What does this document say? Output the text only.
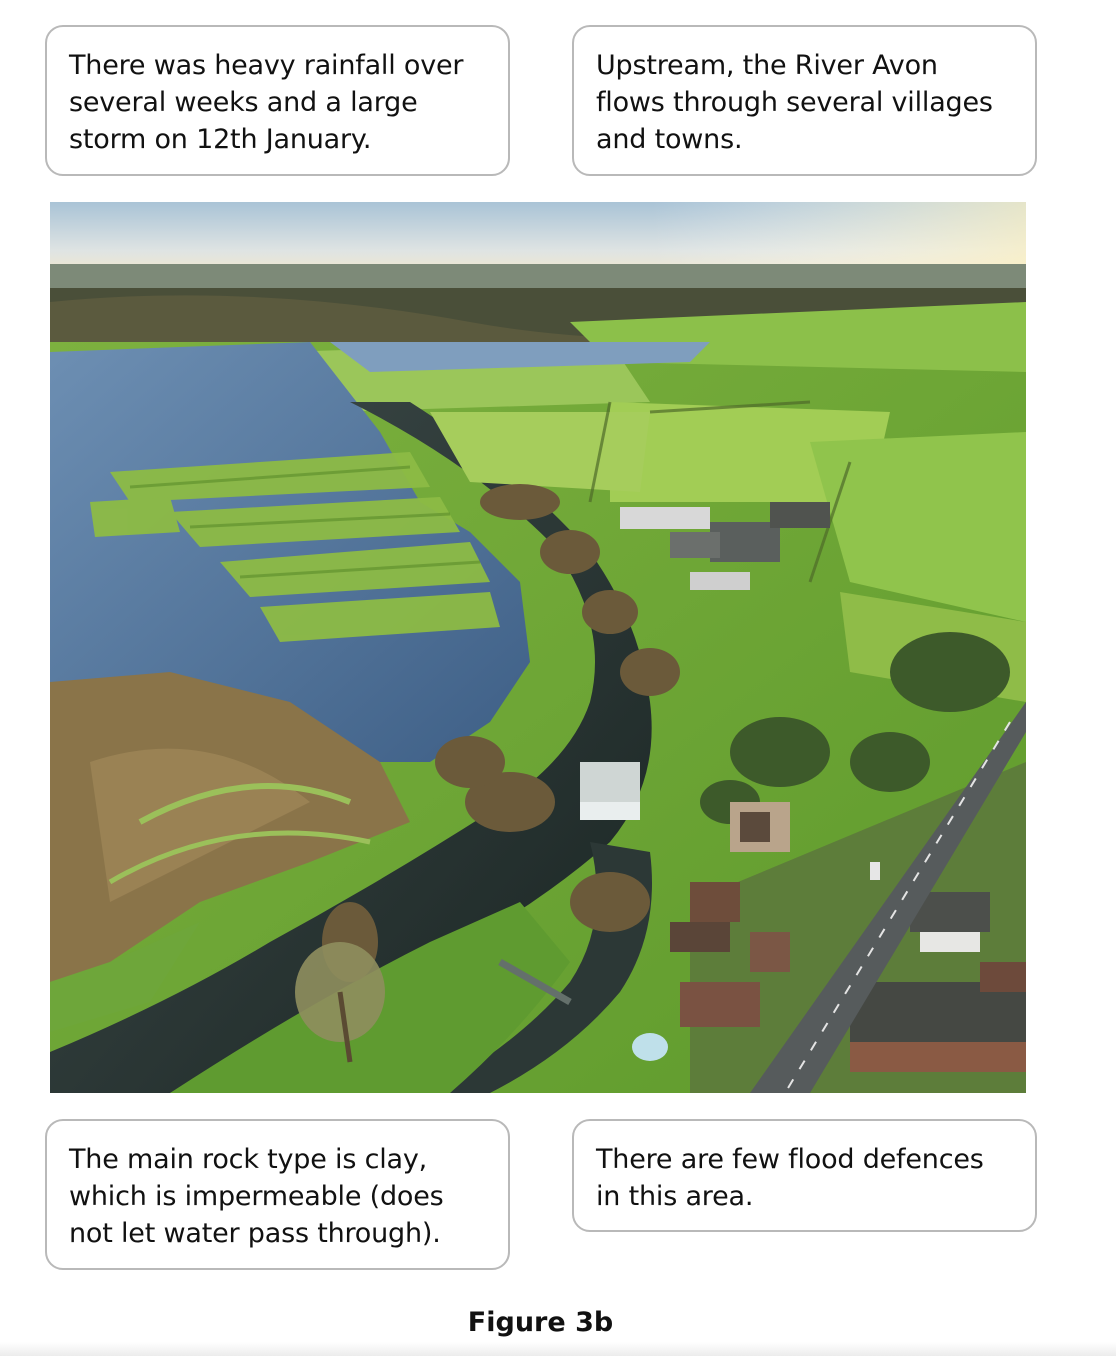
There was heavy rainfall over several weeks and a large storm on 12th January.

Upstream, the River Avon flows through several villages and towns.

The main rock type is clay, which is impermeable (does not let water pass through).

There are few flood defences in this area.

Figure 3b
